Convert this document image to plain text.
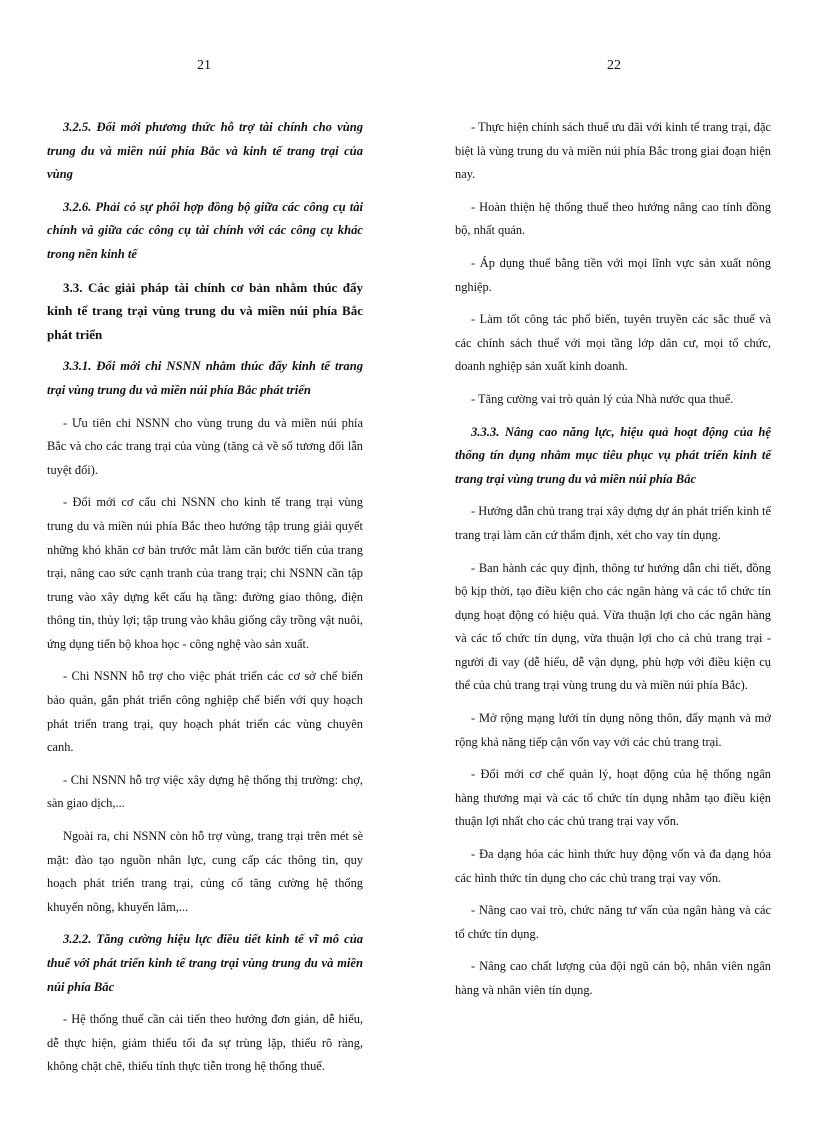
21	22

3.2.5. Đổi mới phương thức hỗ trợ tài chính cho vùng trung du và miền núi phía Bắc và kinh tế trang trại của vùng

3.2.6. Phải có sự phối hợp đồng bộ giữa các công cụ tài chính và giữa các công cụ tài chính với các công cụ khác trong nền kinh tế

3.3. Các giải pháp tài chính cơ bản nhằm thúc đẩy kinh tế trang trại vùng trung du và miền núi phía Bắc phát triển

3.3.1. Đổi mới chi NSNN nhằm thúc đẩy kinh tế trang trại vùng trung du và miền núi phía Bắc phát triển

- Ưu tiên chi NSNN cho vùng trung du và miền núi phía Bắc và cho các trang trại của vùng (tăng cả về số tương đối lẫn tuyệt đối).

- Đổi mới cơ cấu chi NSNN cho kinh tế trang trại vùng trung du và miền núi phía Bắc theo hướng tập trung giải quyết những khó khăn cơ bản trước mắt làm căn bước tiến của trang trại, nâng cao sức cạnh tranh của trang trại; chi NSNN cần tập trung vào xây dựng kết cấu hạ tầng: đường giao thông, điện thông tin, thủy lợi; tập trung vào khâu giống cây trồng vật nuôi, ứng dụng tiến bộ khoa học - công nghệ vào sản xuất.

- Chi NSNN hỗ trợ cho việc phát triển các cơ sở chế biến bảo quản, gắn phát triển công nghiệp chế biến với quy hoạch phát triển trang trại, quy hoạch phát triển các vùng chuyên canh.

- Chi NSNN hỗ trợ việc xây dựng hệ thống thị trường: chợ, sàn giao dịch,...

Ngoài ra, chi NSNN còn hỗ trợ vùng, trang trại trên mét sè mặt: đào tạo nguồn nhân lực, cung cấp các thông tin, quy hoạch phát triển trang trại, củng cố tăng cường hệ thống khuyến nông, khuyến lâm,...

3.2.2. Tăng cường hiệu lực điều tiết kinh tế vĩ mô của thuế với phát triển kinh tế trang trại vùng trung du và miền núi phía Bắc

- Hệ thống thuế cần cải tiến theo hướng đơn giản, dễ hiểu, dễ thực hiện, giảm thiểu tối đa sự trùng lặp, thiếu rõ ràng, không chặt chẽ, thiếu tính thực tiễn trong hệ thống thuế.

- Thực hiện chính sách thuế ưu đãi với kinh tế trang trại, đặc biệt là vùng trung du và miền núi phía Bắc trong giai đoạn hiện nay.

- Hoàn thiện hệ thống thuế theo hướng nâng cao tính đồng bộ, nhất quán.

- Áp dụng thuế bằng tiền với mọi lĩnh vực sản xuất nông nghiệp.

- Làm tốt công tác phổ biến, tuyên truyền các sắc thuế và các chính sách thuế với mọi tầng lớp dân cư, mọi tổ chức, doanh nghiệp sản xuất kinh doanh.

- Tăng cường vai trò quản lý của Nhà nước qua thuế.

3.3.3. Nâng cao năng lực, hiệu quả hoạt động của hệ thống tín dụng nhằm mục tiêu phục vụ phát triển kinh tế trang trại vùng trung du và miền núi phía Bắc

- Hướng dẫn chủ trang trại xây dựng dự án phát triển kinh tế trang trại làm căn cứ thẩm định, xét cho vay tín dụng.

- Ban hành các quy định, thông tư hướng dẫn chi tiết, đồng bộ kịp thời, tạo điều kiện cho các ngân hàng và các tổ chức tín dụng hoạt động có hiệu quả. Vừa thuận lợi cho các ngân hàng và các tổ chức tín dụng, vừa thuận lợi cho cả chủ trang trại - người đi vay (dễ hiểu, dễ vận dụng, phù hợp với điều kiện cụ thể của chủ trang trại vùng trung du và miền núi phía Bắc).

- Mở rộng mạng lưới tín dụng nông thôn, đẩy mạnh và mở rộng khả năng tiếp cận vốn vay với các chủ trang trại.

- Đổi mới cơ chế quản lý, hoạt động của hệ thống ngân hàng thương mại và các tổ chức tín dụng nhằm tạo điều kiện thuận lợi nhất cho các chủ trang trại vay vốn.

- Đa dạng hóa các hình thức huy động vốn và đa dạng hóa các hình thức tín dụng cho các chủ trang trại vay vốn.

- Nâng cao vai trò, chức năng tư vấn của ngân hàng và các tổ chức tín dụng.

- Nâng cao chất lượng của đội ngũ cán bộ, nhân viên ngân hàng và nhân viên tín dụng.
